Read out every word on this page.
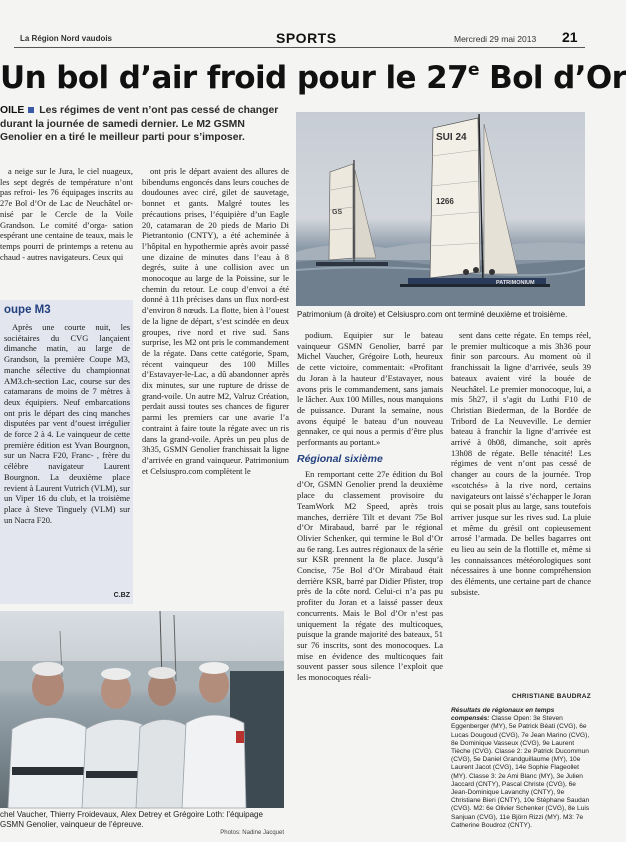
La Région Nord vaudois	SPORTS	Mercredi 29 mai 2013 21
Un bol d’air froid pour le 27e Bol d’Or
OILE Les régimes de vent n’ont pas cessé de changer durant la journée de samedi dernier. Le M2 GSMN Genolier en a tiré le meilleur parti pour s’imposer.

a neige sur le Jura, le ciel nuageux, les sept degrés de température n’ont pas refroi- les 76 équipages inscrits au 27e Bol d’Or de Lac de Neuchâtel or- nisé par le Cercle de la Voile Grandson. Le comité d’orga- sation espérant une centaine de teaux, mais le temps pourri de printemps a retenu au chaud - autres navigateurs. Ceux qui

oupe M3

Après une courte nuit, les sociétaires du CVG lançaient dimanche matin, au large de Grandson, la première Coupe M3, manche sélective du championnat AM3.ch-section Lac, course sur des catamarans de moins de 7 mètres à deux équipiers. Neuf embarcations ont pris le départ des cinq manches disputées par vent d’ouest irrégulier de force 2 à 4. Le vainqueur de cette première édition est Yvan Bourgnon, sur un Nacra F20, Franc- , frère du célèbre navigateur Laurent Bourgnon. La deuxième place revient à Laurent Vutrich (VLM), sur un Viper 16 du club, et la troisième place à Steve Tinguely (VLM) sur un Nacra F20.

C.BZ

ont pris le départ avaient des allures de bibendums engoncés dans leurs couches de doudounes avec ciré, gilet de sauvetage, bonnet et gants. Malgré toutes les précautions prises, l’équipière d’un Eagle 20, catamaran de 20 pieds de Mario Di Pietrantonio (CNTY), a été acheminée à l’hôpital en hypothermie après avoir passé une dizaine de minutes dans l’eau à 8 degrés, suite à une collision avec un monocoque au large de la Poissine, sur le chemin du retour. Le coup d’envoi a été donné à 11h précises dans un flux nord-est d’environ 8 nœuds. La flotte, bien à l’ouest de la ligne de départ, s’est scindée en deux groupes, rive nord et rive sud. Sans surprise, les M2 ont pris le commandement de la régate. Dans cette catégorie, Spam, récent vainqueur des 100 Milles d’Estavayer-le-Lac, a dû abandonner après dix minutes, sur une rupture de drisse de grand-voile. Un autre M2, Valruz Création, perdait aussi toutes ses chances de figurer parmi les premiers car une avarie l’a contraint à faire toute la régate avec un ris dans la grand-voile. Après un peu plus de 3h35, GSMN Genolier franchissait la ligne d’arrivée en grand vainqueur. Patrimonium et Celsiuspro.com complètent le

GS
SUI 24
1266
PATRIMONIUM
Patrimonium (à droite) et Celsiuspro.com ont terminé deuxième et troisième.

podium. Equipier sur le bateau vainqueur GSMN Genolier, barré par Michel Vaucher, Grégoire Loth, heureux de cette victoire, commentait: «Profitant du Joran à la hauteur d’Estavayer, nous avons pris le commandement, sans jamais le lâcher. Aux 100 Milles, nous manquions de puissance. Durant la semaine, nous avons équipé le bateau d’un nouveau gennaker, ce qui nous a permis d’être plus performants au portant.»

Régional sixième

En remportant cette 27e édition du Bol d’Or, GSMN Genolier prend la deuxième place du classement provisoire du TeamWork M2 Speed, après trois manches, derrière Tilt et devant 75e Bol d’Or Mirabaud, barré par le régional Olivier Schenker, qui termine le Bol d’Or au 6e rang. Les autres régionaux de la série sur KSR prennent la 8e place. Jusqu’à Concise, 75e Bol d’Or Mirabaud était derrière KSR, barré par Didier Pfister, trop près de la côte nord. Celui-ci n’a pas pu profiter du Joran et a laissé passer deux concurrents. Mais le Bol d’Or n’est pas uniquement la régate des multicoques, puisque la grande majorité des bateaux, 51 sur 76 inscrits, sont des monocoques. La mise en évidence des multicoques fait souvent passer sous silence l’exploit que les monocoques réali-

sent dans cette régate. En temps réel, le premier multicoque a mis 3h36 pour finir son parcours. Au moment où il franchissait la ligne d’arrivée, seuls 39 bateaux avaient viré la bouée de Neuchâtel. Le premier monocoque, lui, a mis 5h27, il s’agit du Luthi F10 de Christian Biederman, de la Bordée de Tribord de La Neuveville. Le dernier bateau à franchir la ligne d’arrivée est arrivé à 0h08, dimanche, soit après 13h08 de régate. Belle ténacité! Les régimes de vent n’ont pas cessé de changer au cours de la journée. Trop «scotchés» à la rive nord, certains navigateurs ont laissé s’échapper le Joran qui se posait plus au large, sans toutefois arriver jusque sur les rives sud. La pluie et même du grésil ont copieusement arrosé l’armada. De belles bagarres ont eu lieu au sein de la flottille et, même si les connaissances météorologiques sont nécessaires à une bonne compréhension des éléments, une certaine part de chance subsiste.

CHRISTIANE BAUDRAZ
chel Vaucher, Thierry Froidevaux, Alex Detrey et Grégoire Loth: l’équipage GSMN Genolier, vainqueur de l’épreuve.
Photos: Nadine Jacquet
Résultats de régionaux en temps compensés: Classe Open: 3e Steven Eggenberger (MY), 5e Patrick Béati (CVG), 6e Lucas Dougoud (CVG), 7e Jean Marino (CVG), 8e Dominique Vasseux (CVG), 9e Laurent Tièche (CVG). Classe 2: 2e Patrick Ducommun (CVG), 5e Daniel Grandguillaume (MY), 10e Laurent Jacot (CVG), 14e Sophie Flageollet (MY). Classe 3: 2e Ami Blanc (MY), 3e Julien Jaccard (CNTY), Pascal Christe (CVG), 6e Jean-Dominique Lavanchy (CNTY), 9e Christiane Bieri (CNTY), 10e Stéphane Saudan (CVG). M2: 6e Olivier Schenker (CVG), 8e Luis Sanjuan (CVG), 11e Björn Rizzi (MY). M3: 7e Catherine Boudroz (CNTY).
